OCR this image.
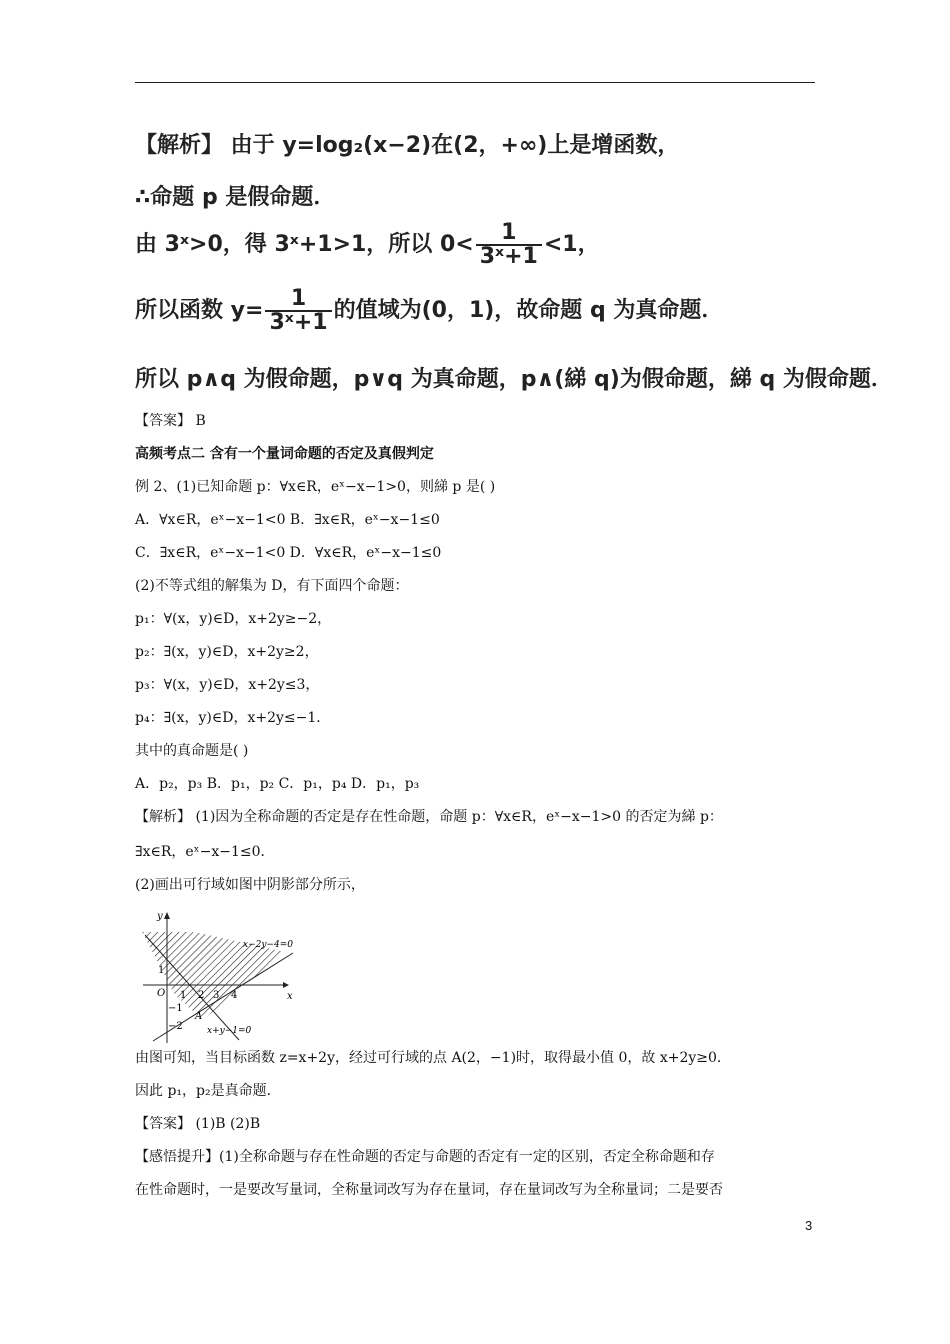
【解析】 由于 y=log₂(x−2)在(2，+∞)上是增函数，
∴命题 p 是假命题．
由 3ˣ>0，得 3ˣ+1>1，所以 $0< \frac{1}{\text{3ˣ+1}} <1$，
所以函数 $y= \frac{1}{\text{3ˣ+1}}$ 的值域为(0，1)，故命题 q 为真命题．
所以 p∧q 为假命题，p∨q 为真命题，p∧(綈 q)为假命题，綈 q 为假命题．
【答案】 B
高频考点二 含有一个量词命题的否定及真假判定
例 2、(1)已知命题 p：∀x∈R，eˣ−x−1>0，则綈 p 是( )
A．∀x∈R，eˣ−x−1<0 B．∃x∈R，eˣ−x−1≤0
C．∃x∈R，eˣ−x−1<0 D．∀x∈R，eˣ−x−1≤0
(2)不等式组的解集为 D，有下面四个命题：
p₁：∀(x，y)∈D，x+2y≥−2，
p₂：∃(x，y)∈D，x+2y≥2，
p₃：∀(x，y)∈D，x+2y≤3，
p₄：∃(x，y)∈D，x+2y≤−1．
其中的真命题是( )
A．p₂，p₃ B．p₁，p₂ C．p₁，p₄ D．p₁，p₃
【解析】 (1)因为全称命题的否定是存在性命题，命题 p：∀x∈R，eˣ−x−1>0 的否定为綈 p：
∃x∈R，eˣ−x−1≤0．
(2)画出可行域如图中阴影部分所示，
y
x
O
1
−1
−2
1 2 3 4
A
x−2y−4=0
x+y−1=0
由图可知，当目标函数 z=x+2y，经过可行域的点 A(2，−1)时，取得最小值 0，故 x+2y≥0．
因此 p₁，p₂是真命题．
【答案】 (1)B (2)B
【感悟提升】(1)全称命题与存在性命题的否定与命题的否定有一定的区别，否定全称命题和存
在性命题时，一是要改写量词，全称量词改写为存在量词，存在量词改写为全称量词；二是要否
3
